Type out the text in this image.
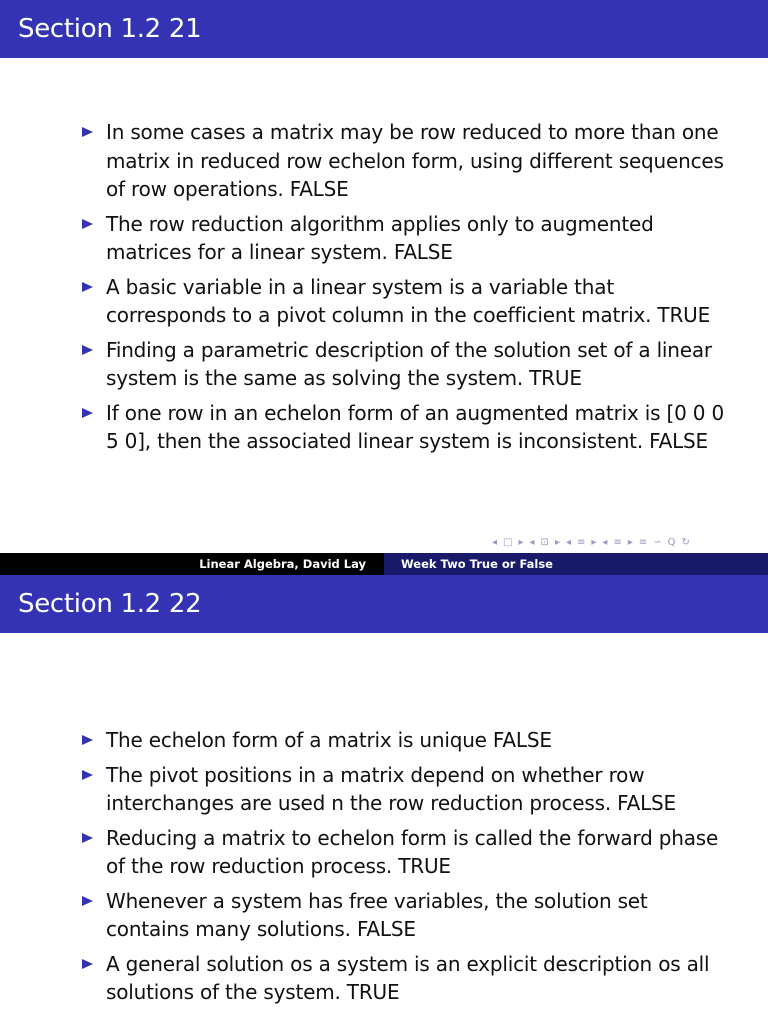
Section 1.2 21
In some cases a matrix may be row reduced to more than one matrix in reduced row echelon form, using different sequences of row operations. FALSE
The row reduction algorithm applies only to augmented matrices for a linear system. FALSE
A basic variable in a linear system is a variable that corresponds to a pivot column in the coefficient matrix. TRUE
Finding a parametric description of the solution set of a linear system is the same as solving the system. TRUE
If one row in an echelon form of an augmented matrix is [0 0 0 5 0], then the associated linear system is inconsistent. FALSE
◂ □ ▸ ◂ ⊡ ▸ ◂ ≡ ▸ ◂ ≡ ▸ ≡ ∽ Q ↻
Linear Algebra, David Lay	Week Two True or False
Section 1.2 22
The echelon form of a matrix is unique FALSE
The pivot positions in a matrix depend on whether row interchanges are used n the row reduction process. FALSE
Reducing a matrix to echelon form is called the forward phase of the row reduction process. TRUE
Whenever a system has free variables, the solution set contains many solutions. FALSE
A general solution os a system is an explicit description os all solutions of the system. TRUE
